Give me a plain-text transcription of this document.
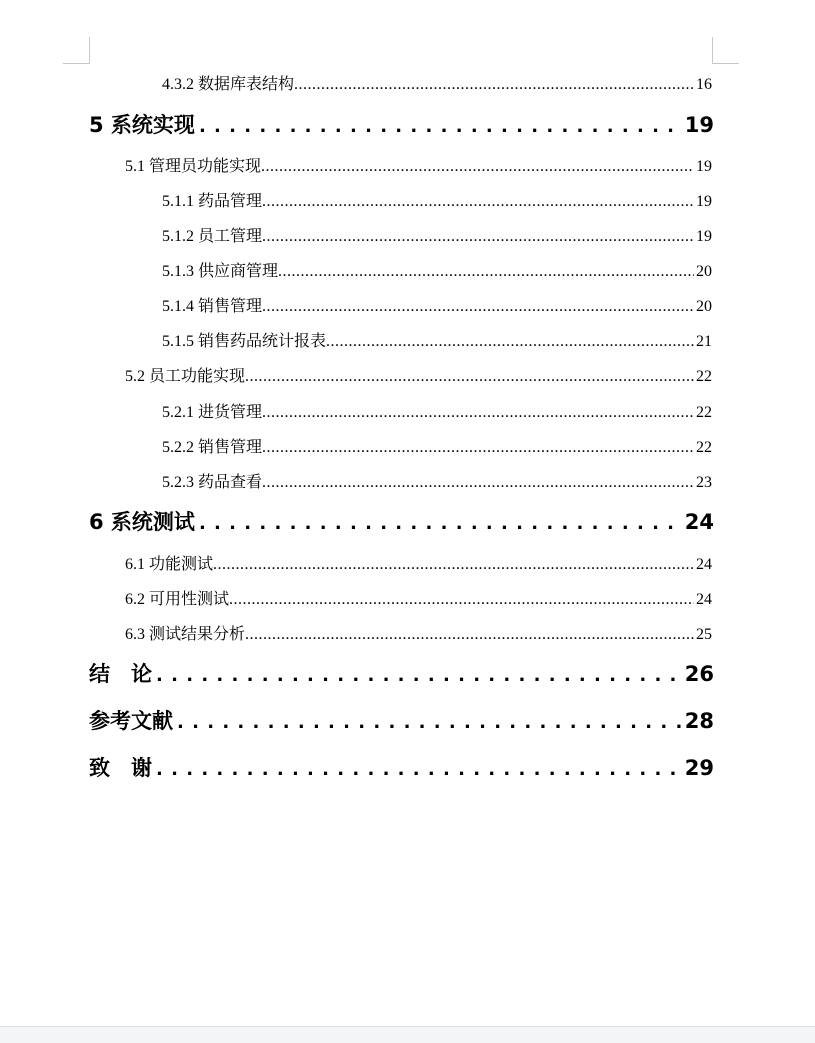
4.3.2 数据库表结构 .....	16
5 系统实现 . . .	19
5.1 管理员功能实现 .....	19
5.1.1 药品管理 .....	19
5.1.2 员工管理 .....	19
5.1.3 供应商管理 .....	20
5.1.4 销售管理 .....	20
5.1.5 销售药品统计报表 .....	21
5.2 员工功能实现 .....	22
5.2.1 进货管理 .....	22
5.2.2 销售管理 .....	22
5.2.3 药品查看 .....	23
6 系统测试 . . .	24
6.1 功能测试 .....	24
6.2 可用性测试 .....	24
6.3 测试结果分析 .....	25
结　论 . . .	26
参考文献 . . .	28
致　谢 . . .	29
